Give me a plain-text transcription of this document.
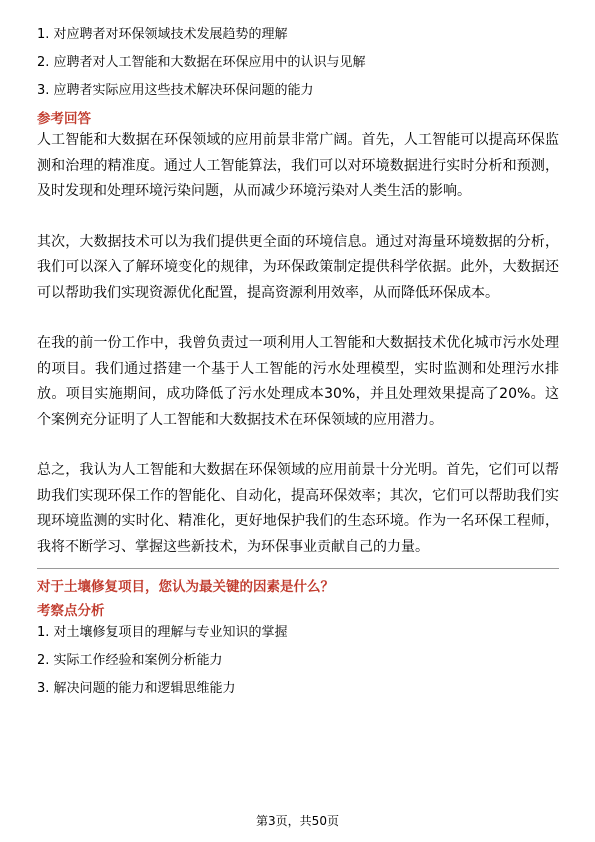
1. 对应聘者对环保领域技术发展趋势的理解
2. 应聘者对人工智能和大数据在环保应用中的认识与见解
3. 应聘者实际应用这些技术解决环保问题的能力
参考回答

人工智能和大数据在环保领域的应用前景非常广阔。首先，人工智能可以提高环保监测和治理的精准度。通过人工智能算法，我们可以对环境数据进行实时分析和预测，及时发现和处理环境污染问题，从而减少环境污染对人类生活的影响。

其次，大数据技术可以为我们提供更全面的环境信息。通过对海量环境数据的分析，我们可以深入了解环境变化的规律，为环保政策制定提供科学依据。此外，大数据还可以帮助我们实现资源优化配置，提高资源利用效率，从而降低环保成本。

在我的前一份工作中，我曾负责过一项利用人工智能和大数据技术优化城市污水处理的项目。我们通过搭建一个基于人工智能的污水处理模型，实时监测和处理污水排放。项目实施期间，成功降低了污水处理成本30%，并且处理效果提高了20%。这个案例充分证明了人工智能和大数据技术在环保领域的应用潜力。

总之，我认为人工智能和大数据在环保领域的应用前景十分光明。首先，它们可以帮助我们实现环保工作的智能化、自动化，提高环保效率；其次，它们可以帮助我们实现环境监测的实时化、精准化，更好地保护我们的生态环境。作为一名环保工程师，我将不断学习、掌握这些新技术，为环保事业贡献自己的力量。

对于土壤修复项目，您认为最关键的因素是什么？
考察点分析
1. 对土壤修复项目的理解与专业知识的掌握
2. 实际工作经验和案例分析能力
3. 解决问题的能力和逻辑思维能力
第3页，共50页
